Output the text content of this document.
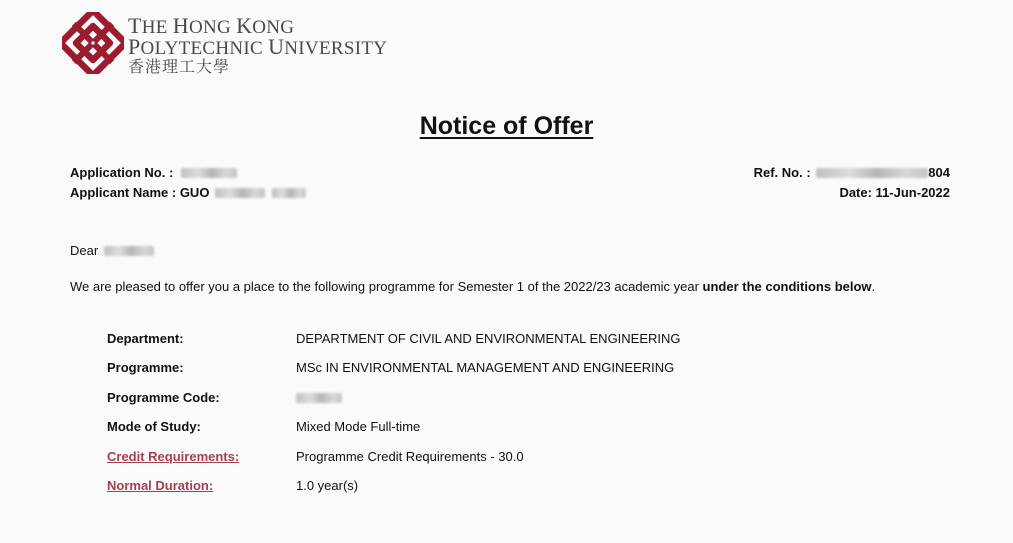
THE HONG KONG
POLYTECHNIC UNIVERSITY
香港理工大學
Notice of Offer
Application No. :
Applicant Name : GUO
Ref. No. :	804
Date: 11-Jun-2022
Dear
We are pleased to offer you a place to the following programme for Semester 1 of the 2022/23 academic year under the conditions below.
Department:	DEPARTMENT OF CIVIL AND ENVIRONMENTAL ENGINEERING
Programme:	MSc IN ENVIRONMENTAL MANAGEMENT AND ENGINEERING
Programme Code:
Mode of Study:	Mixed Mode Full-time
Credit Requirements:	Programme Credit Requirements - 30.0
Normal Duration:	1.0 year(s)
